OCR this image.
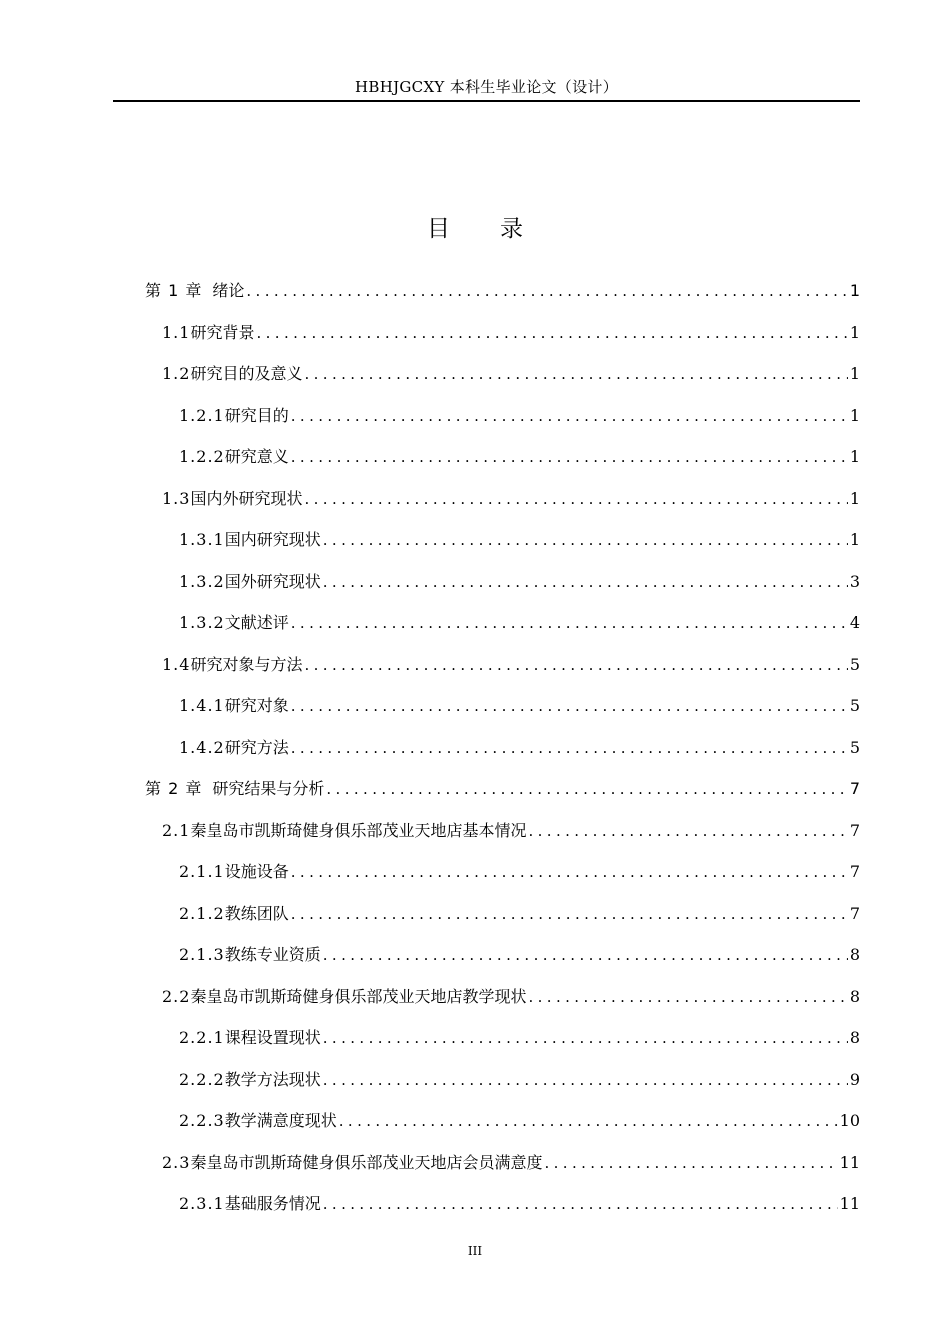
HBHJGCXY 本科生毕业论文（设计）
目录
第 1 章 绪论 .....	1
1.1 研究背景 .....	1
1.2 研究目的及意义 .....	1
1.2.1 研究目的 .....	1
1.2.2 研究意义 .....	1
1.3 国内外研究现状 .....	1
1.3.1 国内研究现状 .....	1
1.3.2 国外研究现状 .....	3
1.3.2 文献述评 .....	4
1.4 研究对象与方法 .....	5
1.4.1 研究对象 .....	5
1.4.2 研究方法 .....	5
第 2 章 研究结果与分析 .....	7
2.1 秦皇岛市凯斯琦健身俱乐部茂业天地店基本情况 .....	7
2.1.1 设施设备 .....	7
2.1.2 教练团队 .....	7
2.1.3 教练专业资质 .....	8
2.2 秦皇岛市凯斯琦健身俱乐部茂业天地店教学现状 .....	8
2.2.1 课程设置现状 .....	8
2.2.2 教学方法现状 .....	9
2.2.3 教学满意度现状 .....	10
2.3 秦皇岛市凯斯琦健身俱乐部茂业天地店会员满意度 .....	11
2.3.1 基础服务情况 .....	11
III
